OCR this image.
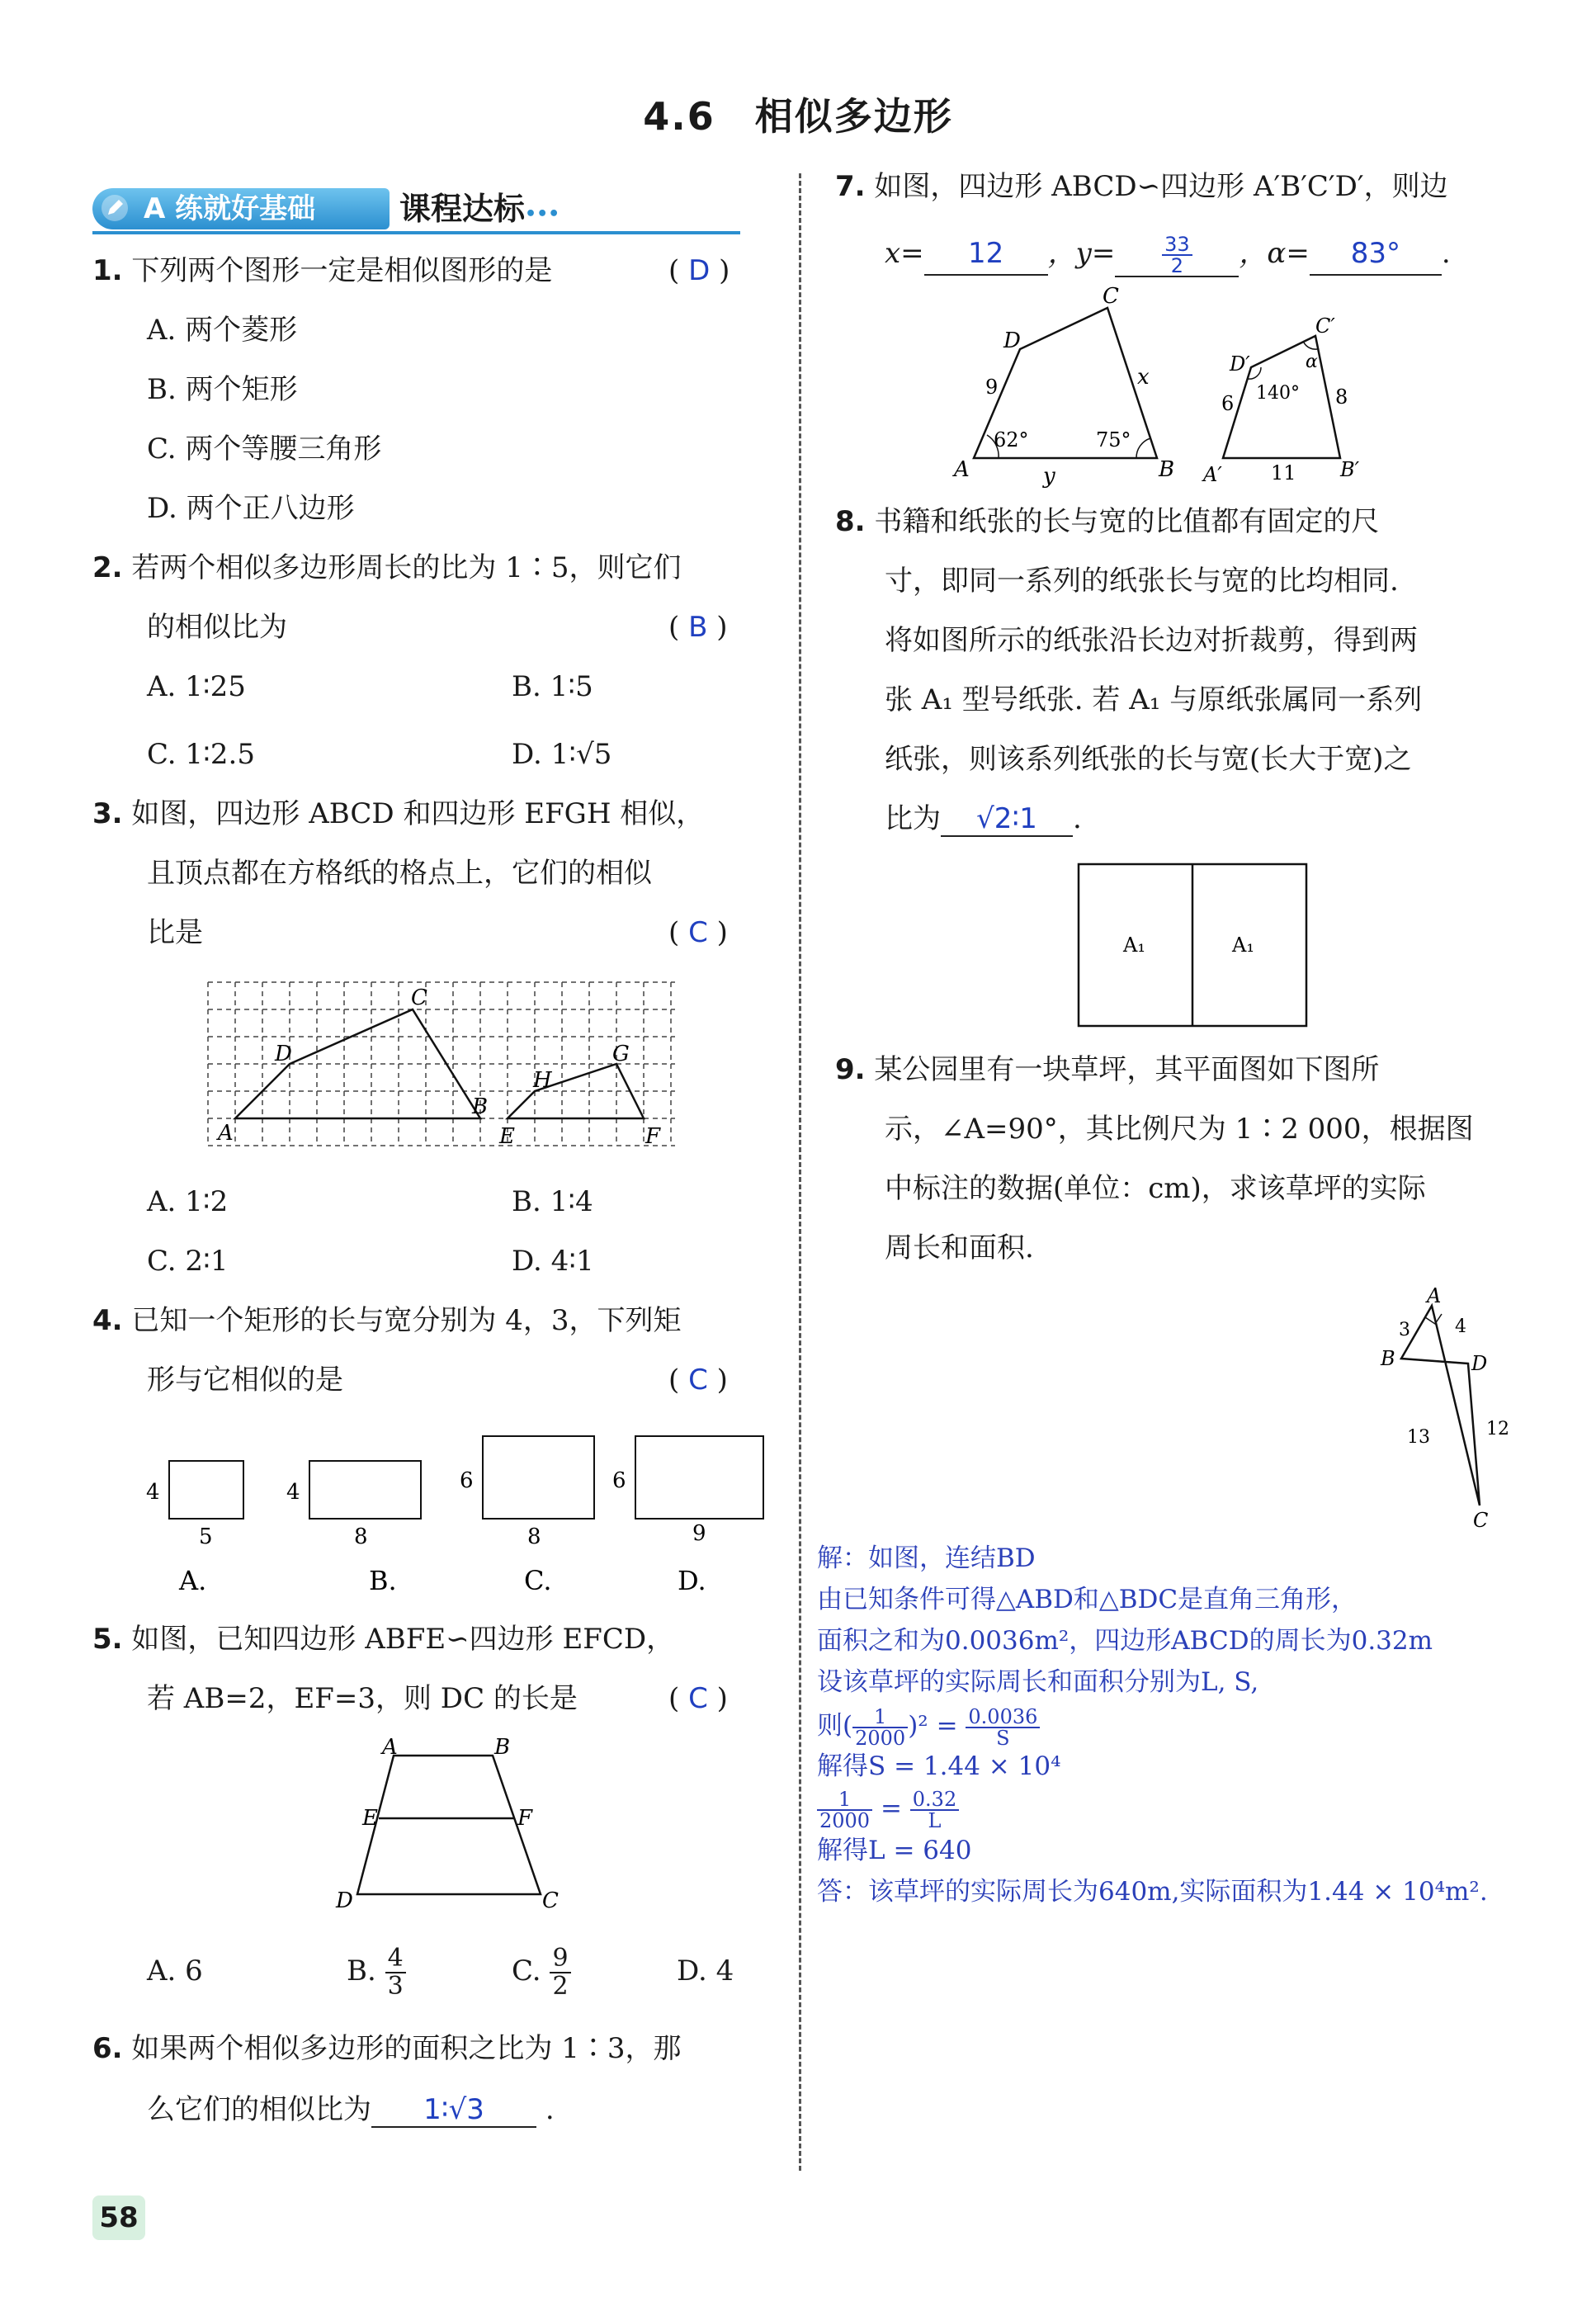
4.6　相似多边形
A 练就好基础	课程达标•••
1. 下列两个图形一定是相似图形的是	( D )
A. 两个菱形
B. 两个矩形
C. 两个等腰三角形
D. 两个正八边形
2. 若两个相似多边形周长的比为 1∶5，则它们
的相似比为	( B )
A. 1∶25	B. 1∶5
C. 1∶2.5	D. 1∶√5
3. 如图，四边形 ABCD 和四边形 EFGH 相似，
且顶点都在方格纸的格点上，它们的相似
比是	( C )
A
D
C
B
E
H
G
F
A. 1∶2	B. 1∶4
C. 2∶1	D. 4∶1
4. 已知一个矩形的长与宽分别为 4，3，下列矩
形与它相似的是	( C )
4
5
A.
4
8
B.
6
8
C.
6
9
D.
5. 如图，已知四边形 ABFE∽四边形 EFCD，
若 AB=2，EF=3，则 DC 的长是	( C )
A	B
E	F
D	C
A. 6	B. $\frac{4}{3}$	C. $\frac{9}{2}$	D. 4
6. 如果两个相似多边形的面积之比为 1∶3，那
么它们的相似比为 1∶√3 .
7. 如图，四边形 ABCD∽四边形 A′B′C′D′，则边
x= 12 ，$y= \frac{33}{2}$ ，α= 83° .
A	B
C
D
9	x
y
62°	75°
A′	B′
C′
D′
6	8
11
140°
α
8. 书籍和纸张的长与宽的比值都有固定的尺
寸，即同一系列的纸张长与宽的比均相同.
将如图所示的纸张沿长边对折裁剪，得到两
张 A₁ 型号纸张. 若 A₁ 与原纸张属同一系列
纸张，则该系列纸张的长与宽(长大于宽)之
比为 √2∶1 .
A₁	A₁
9. 某公园里有一块草坪，其平面图如下图所
示，∠A=90°，其比例尺为 1∶2 000，根据图
中标注的数据(单位：cm)，求该草坪的实际
周长和面积.
A
B	D
C
3 4
13	12
解：如图，连结BD
由已知条件可得△ABD和△BDC是直角三角形，
面积之和为0.0036m²，四边形ABCD的周长为0.32m
设该草坪的实际周长和面积分别为L, S,
则( $\frac{1}{2000} )^2 = \frac{0.0036}{S}$
解得S = 1.44 × 10⁴
$\frac{1}{2000} = \frac{0.32}{L}$
解得L = 640
答：该草坪的实际周长为640m,实际面积为1.44 × 10⁴m².
58
